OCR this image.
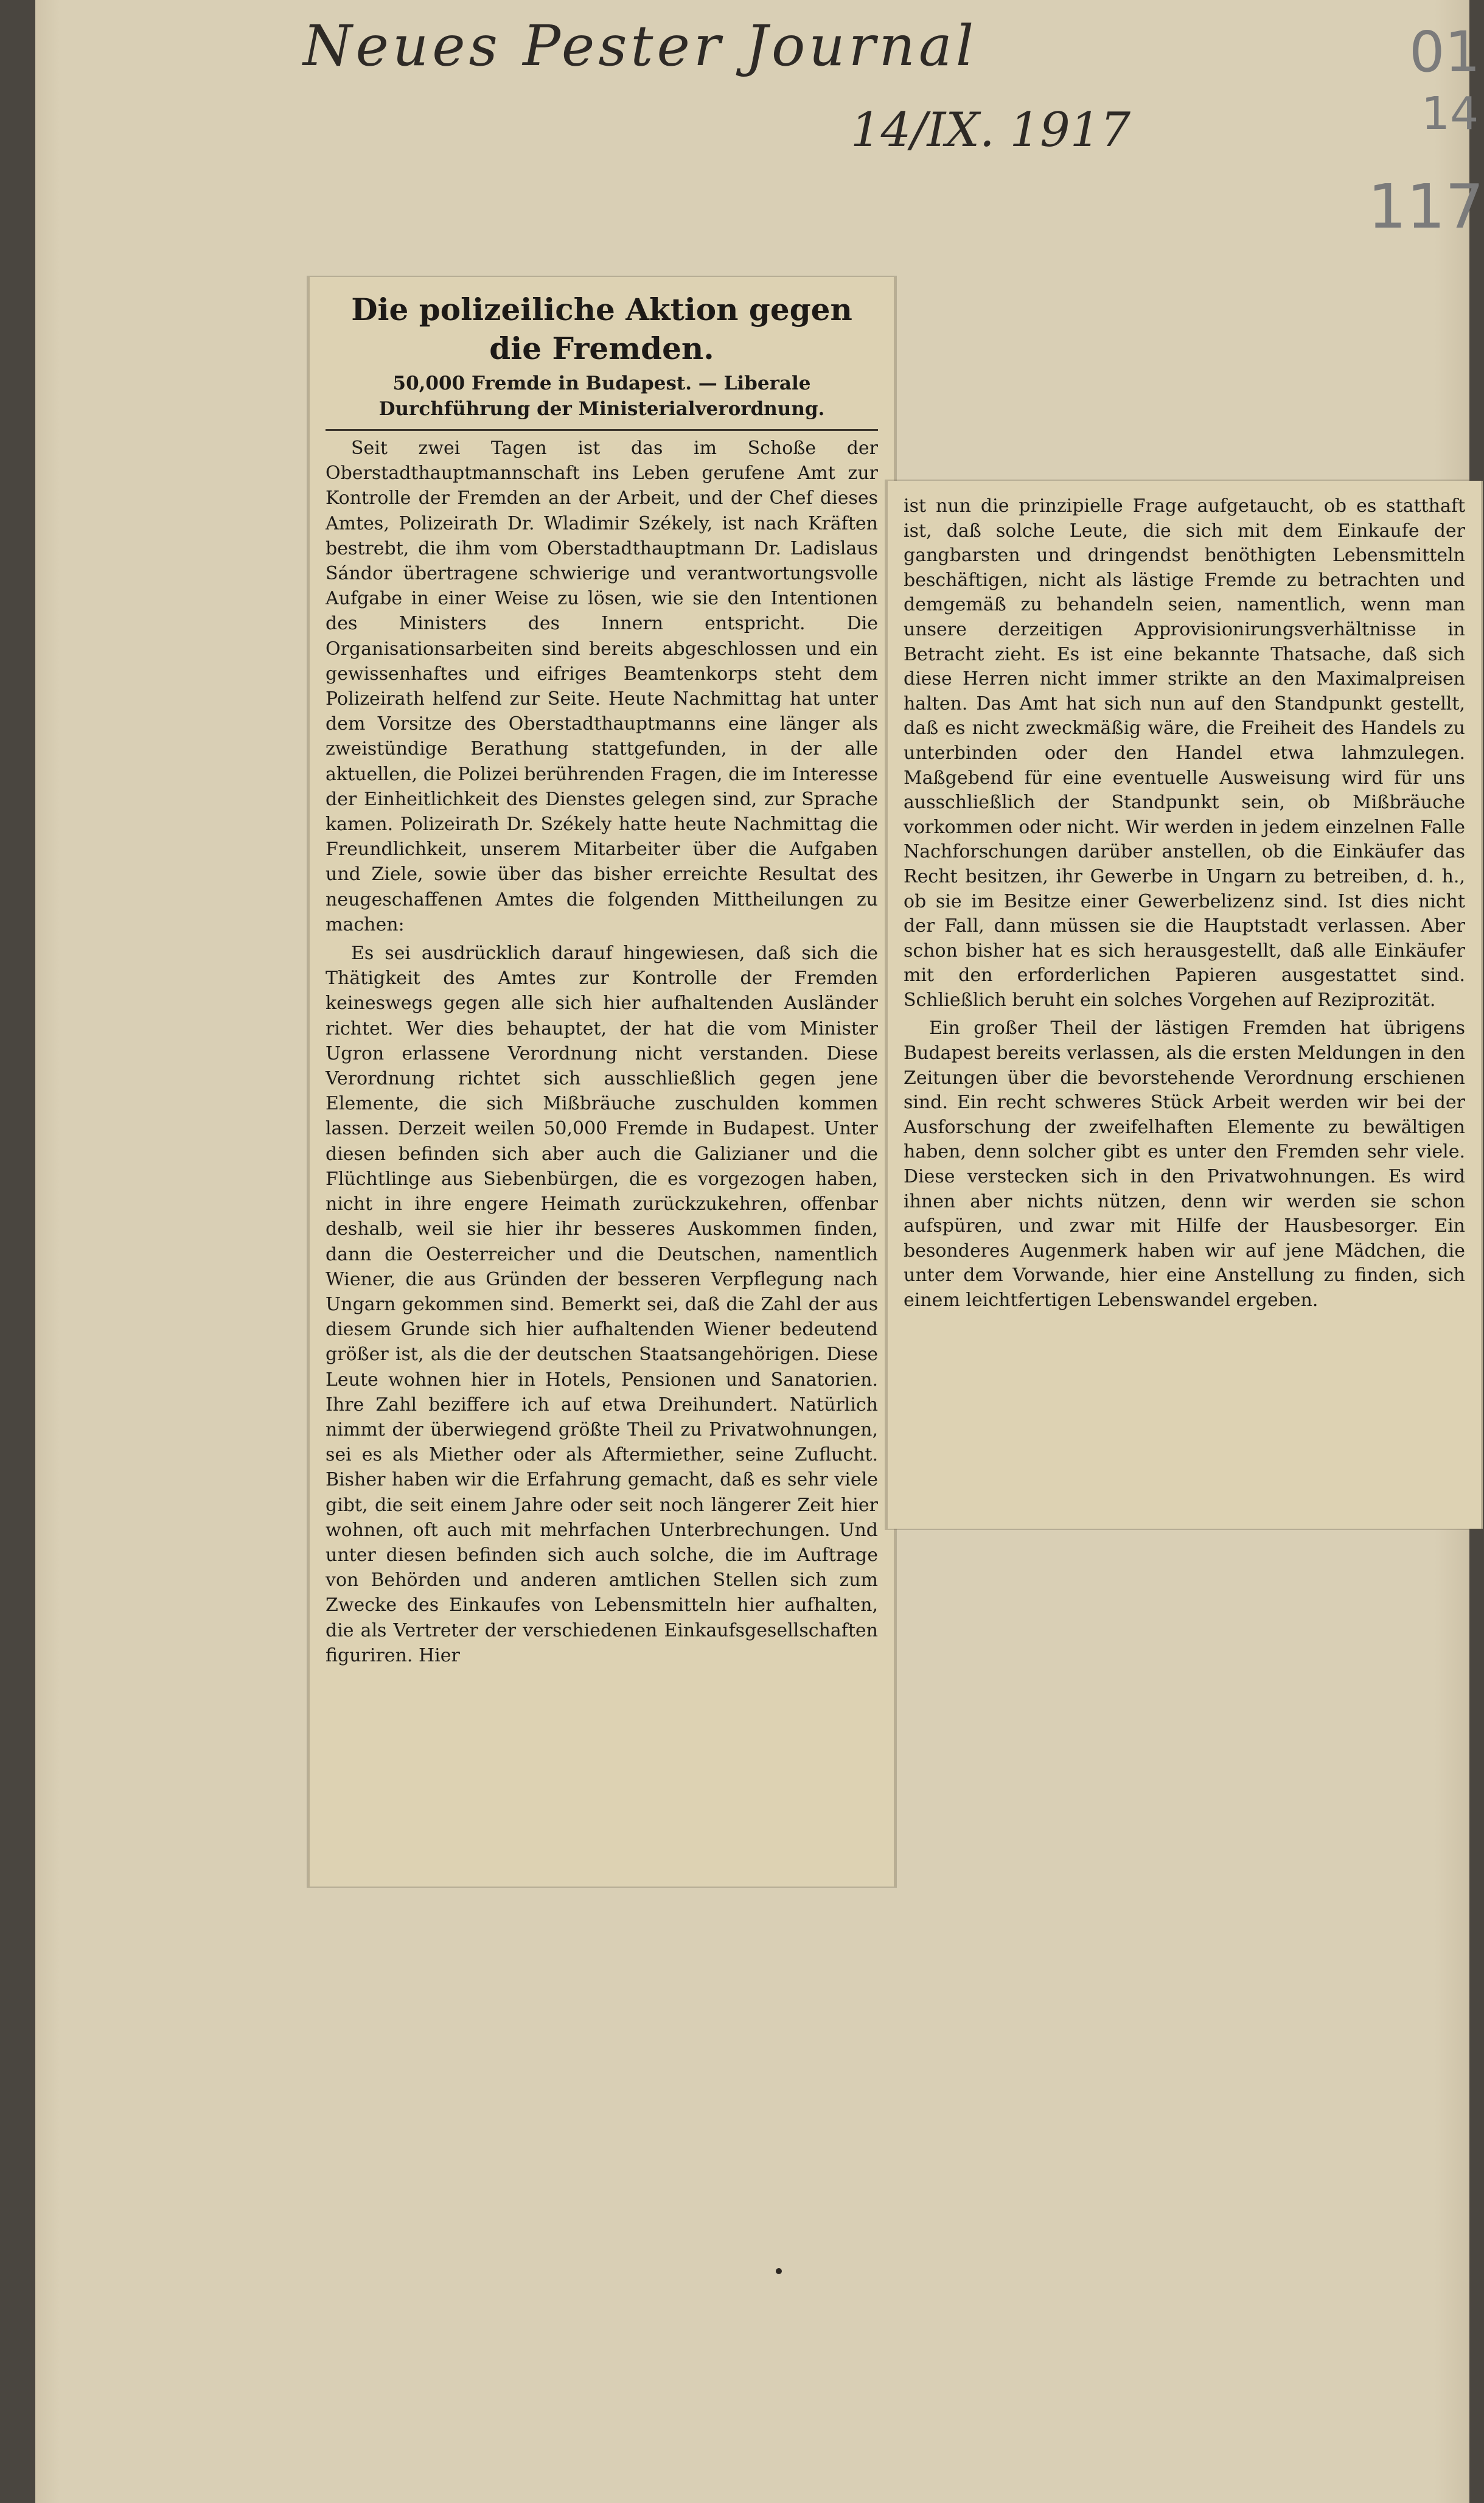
Neues Pester Journal
14/IX. 1917
01
14
117
Die polizeiliche Aktion gegen die Fremden.

50,000 Fremde in Budapest. — Liberale Durchführung der Ministerialverordnung.

Seit zwei Tagen ist das im Schoße der Oberstadthauptmannschaft ins Leben gerufene Amt zur Kontrolle der Fremden an der Arbeit, und der Chef dieses Amtes, Polizeirath Dr. Wladimir Székely, ist nach Kräften bestrebt, die ihm vom Oberstadthauptmann Dr. Ladislaus Sándor übertragene schwierige und verantwortungsvolle Aufgabe in einer Weise zu lösen, wie sie den Intentionen des Ministers des Innern entspricht. Die Organisationsarbeiten sind bereits abgeschlossen und ein gewissenhaftes und eifriges Beamtenkorps steht dem Polizeirath helfend zur Seite. Heute Nachmittag hat unter dem Vorsitze des Oberstadthauptmanns eine länger als zweistündige Berathung stattgefunden, in der alle aktuellen, die Polizei berührenden Fragen, die im Interesse der Einheitlichkeit des Dienstes gelegen sind, zur Sprache kamen. Polizeirath Dr. Székely hatte heute Nachmittag die Freundlichkeit, unserem Mitarbeiter über die Aufgaben und Ziele, sowie über das bisher erreichte Resultat des neugeschaffenen Amtes die folgenden Mittheilungen zu machen:

Es sei ausdrücklich darauf hingewiesen, daß sich die Thätigkeit des Amtes zur Kontrolle der Fremden keineswegs gegen alle sich hier aufhaltenden Ausländer richtet. Wer dies behauptet, der hat die vom Minister Ugron erlassene Verordnung nicht verstanden. Diese Verordnung richtet sich ausschließlich gegen jene Elemente, die sich Mißbräuche zuschulden kommen lassen. Derzeit weilen 50,000 Fremde in Budapest. Unter diesen befinden sich aber auch die Galizianer und die Flüchtlinge aus Siebenbürgen, die es vorgezogen haben, nicht in ihre engere Heimath zurückzukehren, offenbar deshalb, weil sie hier ihr besseres Auskommen finden, dann die Oesterreicher und die Deutschen, namentlich Wiener, die aus Gründen der besseren Verpflegung nach Ungarn gekommen sind. Bemerkt sei, daß die Zahl der aus diesem Grunde sich hier aufhaltenden Wiener bedeutend größer ist, als die der deutschen Staatsangehörigen. Diese Leute wohnen hier in Hotels, Pensionen und Sanatorien. Ihre Zahl beziffere ich auf etwa Dreihundert. Natürlich nimmt der überwiegend größte Theil zu Privatwohnungen, sei es als Miether oder als Aftermiether, seine Zuflucht. Bisher haben wir die Erfahrung gemacht, daß es sehr viele gibt, die seit einem Jahre oder seit noch längerer Zeit hier wohnen, oft auch mit mehrfachen Unterbrechungen. Und unter diesen befinden sich auch solche, die im Auftrage von Behörden und anderen amtlichen Stellen sich zum Zwecke des Einkaufes von Lebensmitteln hier aufhalten, die als Vertreter der verschiedenen Einkaufsgesellschaften figuriren. Hier

ist nun die prinzipielle Frage aufgetaucht, ob es statthaft ist, daß solche Leute, die sich mit dem Einkaufe der gangbarsten und dringendst benöthigten Lebensmitteln beschäftigen, nicht als lästige Fremde zu betrachten und demgemäß zu behandeln seien, namentlich, wenn man unsere derzeitigen Approvisionirungsverhältnisse in Betracht zieht. Es ist eine bekannte Thatsache, daß sich diese Herren nicht immer strikte an den Maximalpreisen halten. Das Amt hat sich nun auf den Standpunkt gestellt, daß es nicht zweckmäßig wäre, die Freiheit des Handels zu unterbinden oder den Handel etwa lahmzulegen. Maßgebend für eine eventuelle Ausweisung wird für uns ausschließlich der Standpunkt sein, ob Mißbräuche vorkommen oder nicht. Wir werden in jedem einzelnen Falle Nachforschungen darüber anstellen, ob die Einkäufer das Recht besitzen, ihr Gewerbe in Ungarn zu betreiben, d. h., ob sie im Besitze einer Gewerbelizenz sind. Ist dies nicht der Fall, dann müssen sie die Hauptstadt verlassen. Aber schon bisher hat es sich herausgestellt, daß alle Einkäufer mit den erforderlichen Papieren ausgestattet sind. Schließlich beruht ein solches Vorgehen auf Reziprozität.

Ein großer Theil der lästigen Fremden hat übrigens Budapest bereits verlassen, als die ersten Meldungen in den Zeitungen über die bevorstehende Verordnung erschienen sind. Ein recht schweres Stück Arbeit werden wir bei der Ausforschung der zweifelhaften Elemente zu bewältigen haben, denn solcher gibt es unter den Fremden sehr viele. Diese verstecken sich in den Privatwohnungen. Es wird ihnen aber nichts nützen, denn wir werden sie schon aufspüren, und zwar mit Hilfe der Hausbesorger. Ein besonderes Augenmerk haben wir auf jene Mädchen, die unter dem Vorwande, hier eine Anstellung zu finden, sich einem leichtfertigen Lebenswandel ergeben.
